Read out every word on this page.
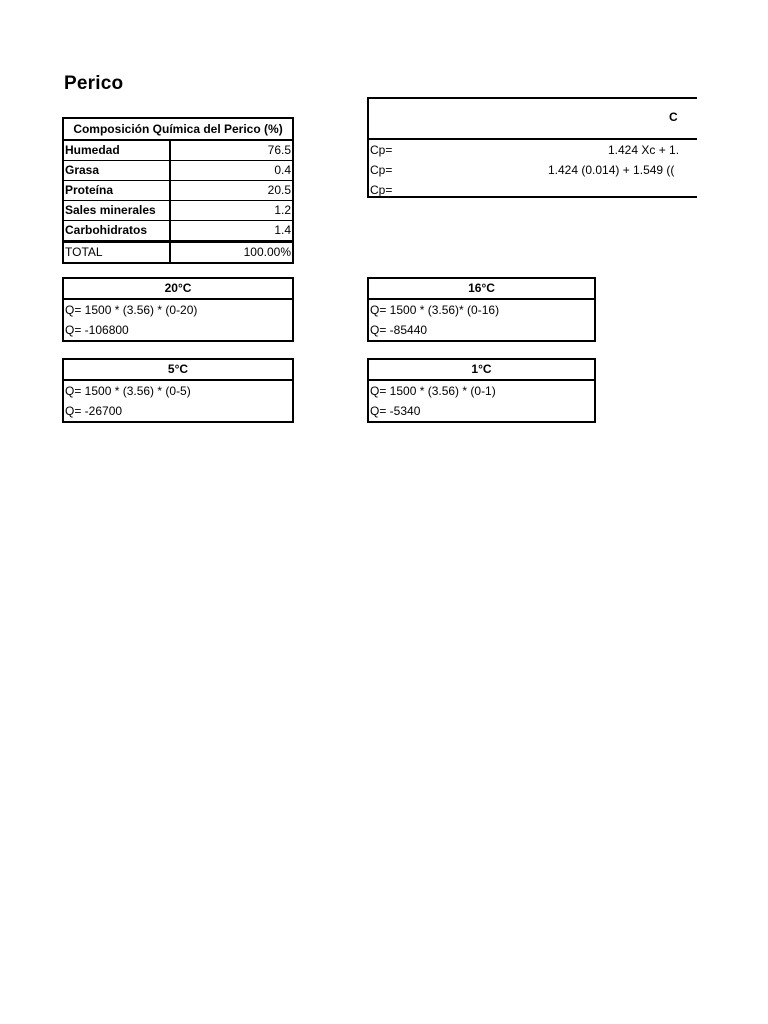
Perico
Composición Química del Perico (%)
Humedad	76.5
Grasa	0.4
Proteína	20.5
Sales minerales	1.2
Carbohidratos	1.4
TOTAL	100.00%
C
Cp=	1.424 Xc + 1.
Cp=	1.424 (0.014) + 1.549 ((
Cp=
20°C
Q= 1500 * (3.56) * (0-20)
Q= -106800
16°C
Q= 1500 * (3.56)* (0-16)
Q= -85440
5°C
Q= 1500 * (3.56) * (0-5)
Q= -26700
1°C
Q= 1500 * (3.56) * (0-1)
Q= -5340
